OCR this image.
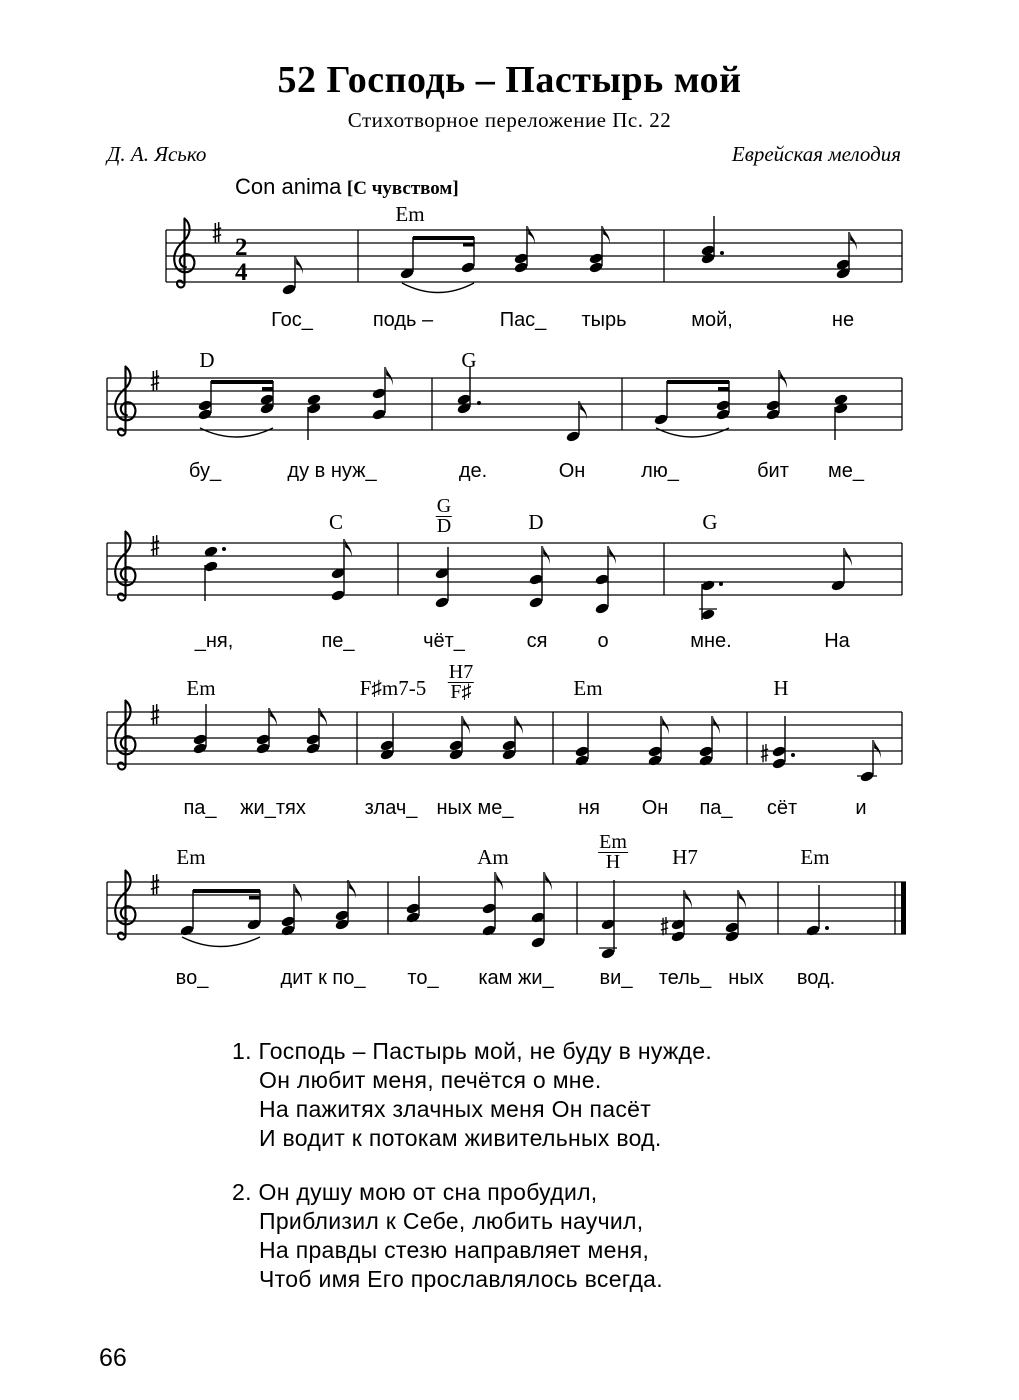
52 Господь – Пастырь мой
Стихотворное переложение Пс. 22
Д. А. Ясько	Еврейская мелодия
Con anima [С чувством]
Em
Гос_	подь –	Пас_ тырь	мой,	не
D	G
бу_	ду в нуж_	де.	Он	лю_	бит ме_
C	$\frac{G}{D}$	D	G
_ня,	пе_	чёт_	ся	о	мне.	На
Em	F♯m7-5 $\frac{H7}{F♯}$	Em	H
па_ жи_тях	злач_ ных ме_	ня Он па_ сёт	и
Em	Am	$\frac{Em}{H} H7$	Em
во_	дит к по_ то_ кам жи_ ви_ тель_ ных вод.
2
4
1. Господь – Пастырь мой, не буду в нужде.
Он любит меня, печётся о мне.
На пажитях злачных меня Он пасёт
И водит к потокам живительных вод.
2. Он душу мою от сна пробудил,
Приблизил к Себе, любить научил,
На правды стезю направляет меня,
Чтоб имя Его прославлялось всегда.
66
